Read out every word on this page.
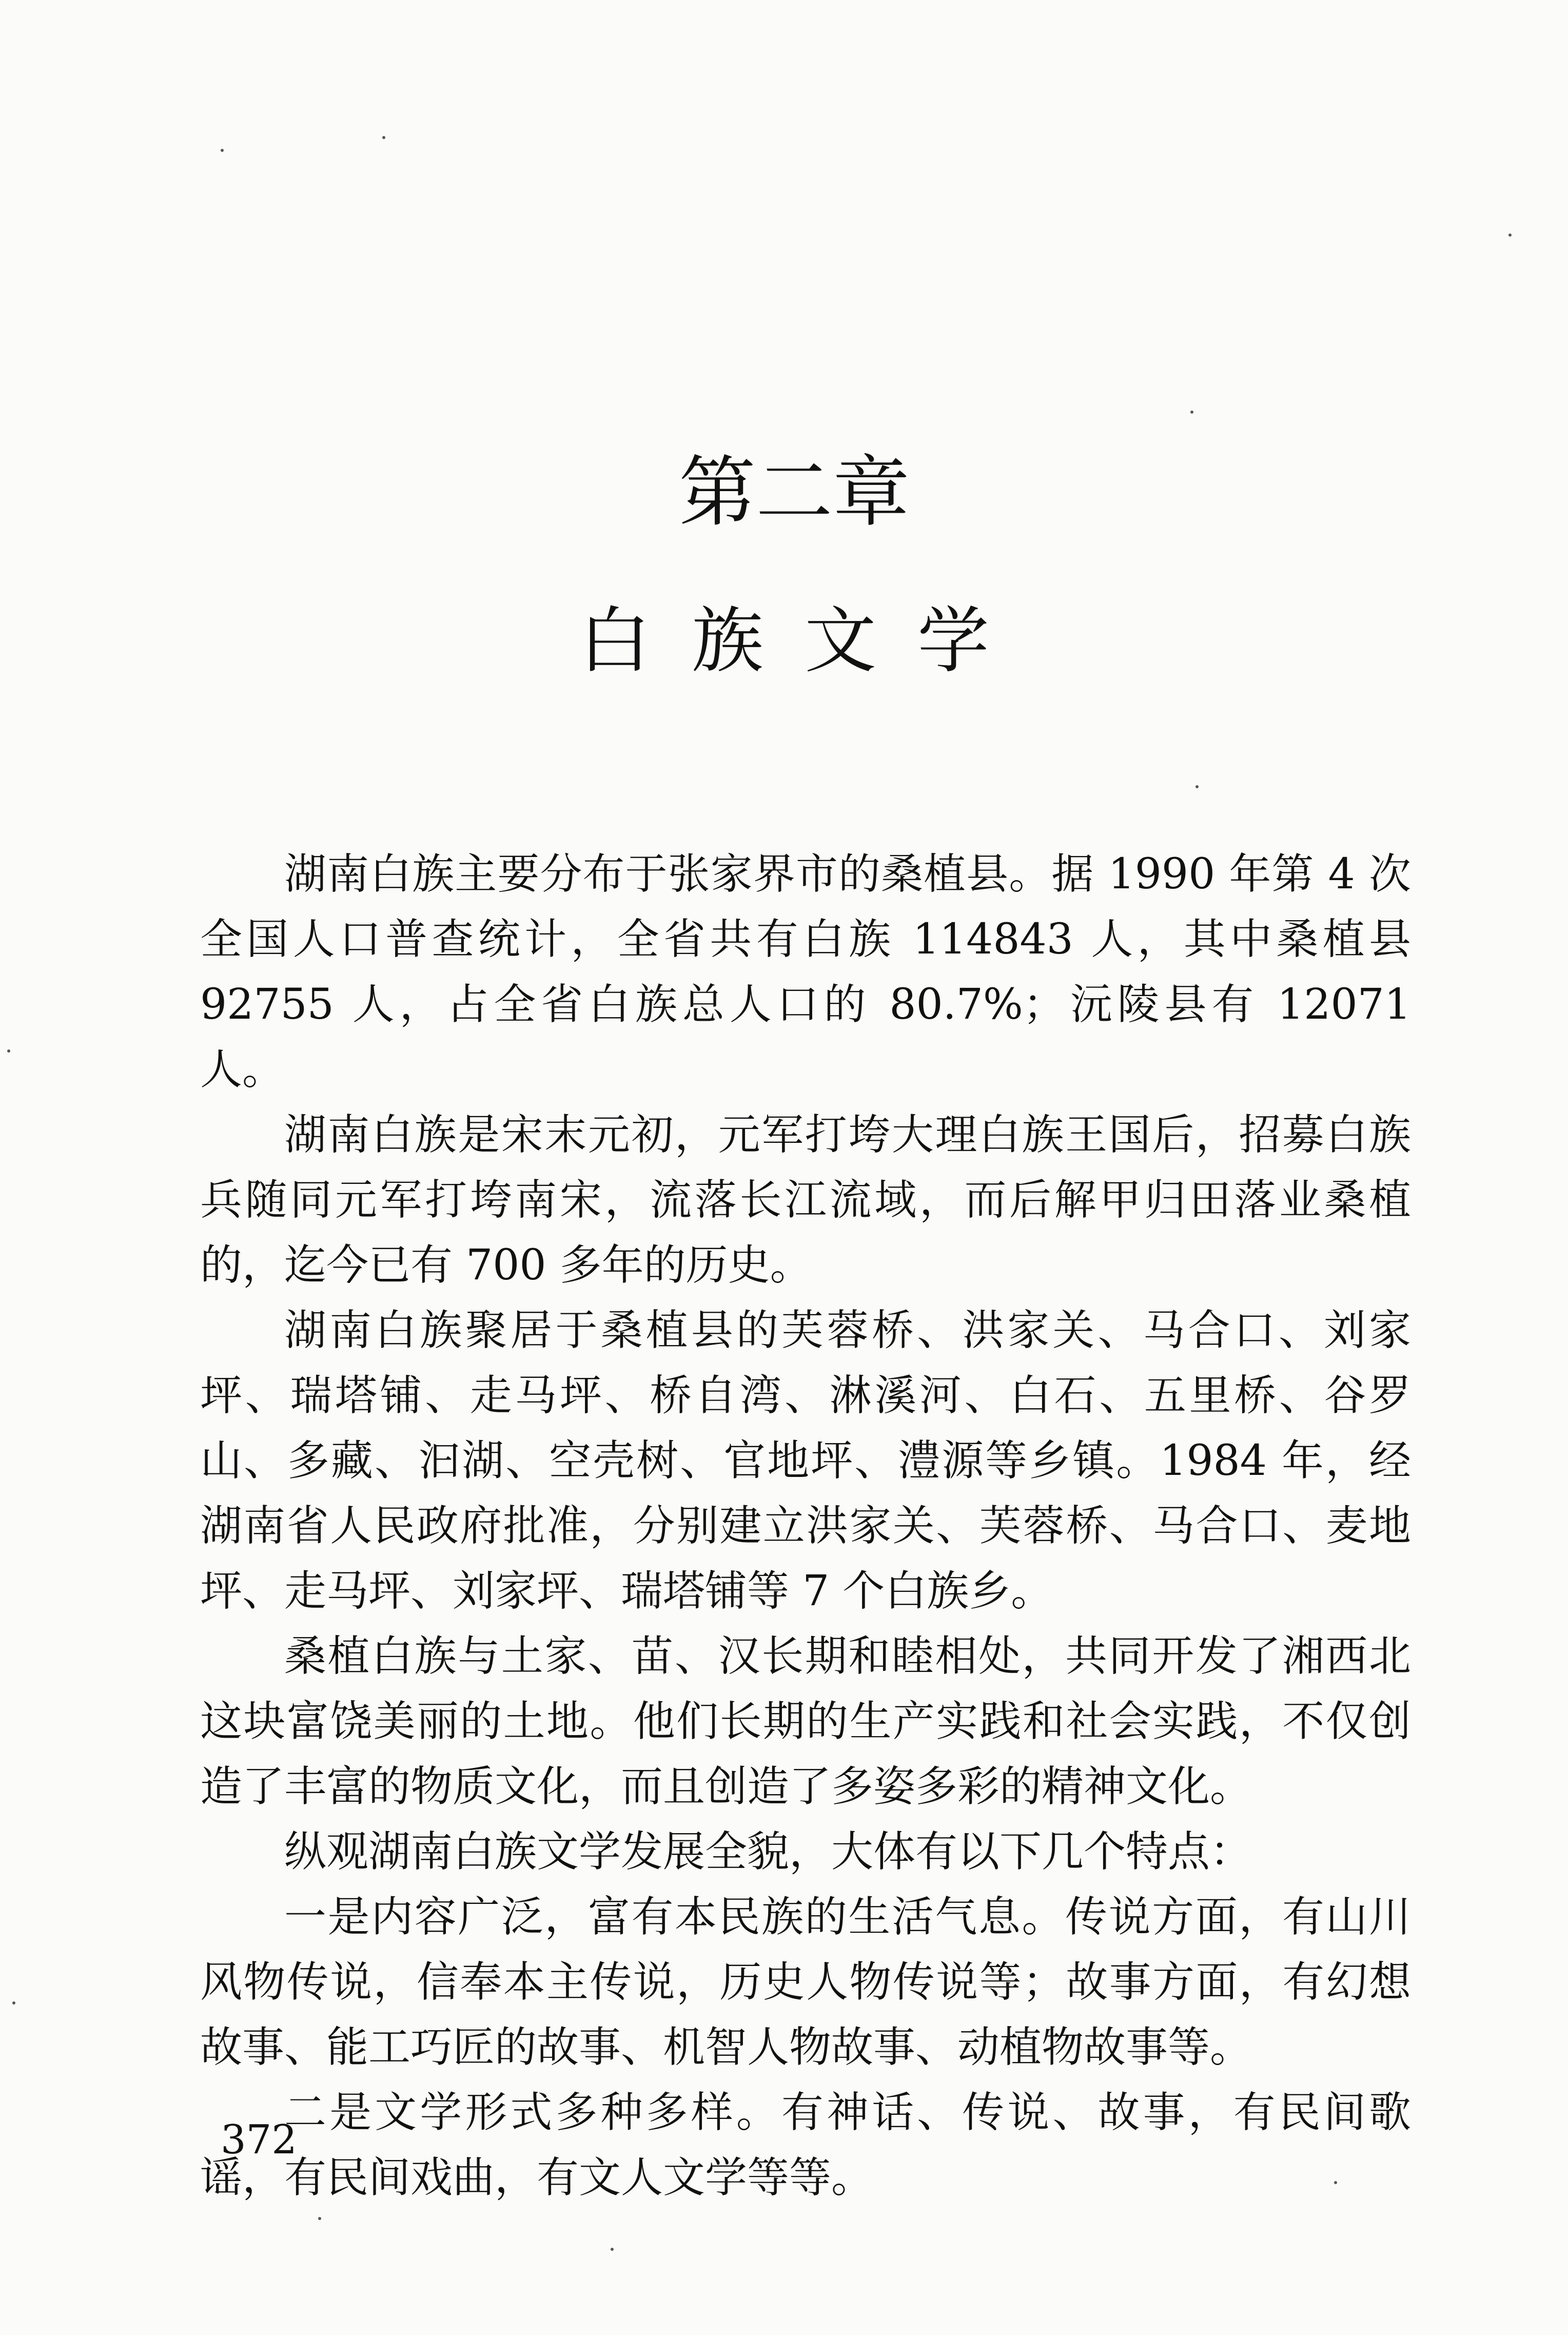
第二章
白族文学

湖南白族主要分布于张家界市的桑植县。据 1990 年第 4 次全国人口普查统计，全省共有白族 114843 人，其中桑植县 92755 人，占全省白族总人口的 80.7%；沅陵县有 12071 人。

湖南白族是宋末元初，元军打垮大理白族王国后，招募白族兵随同元军打垮南宋，流落长江流域，而后解甲归田落业桑植的，迄今已有 700 多年的历史。

湖南白族聚居于桑植县的芙蓉桥、洪家关、马合口、刘家坪、瑞塔铺、走马坪、桥自湾、淋溪河、白石、五里桥、谷罗山、多藏、汩湖、空壳树、官地坪、澧源等乡镇。1984 年，经湖南省人民政府批准，分别建立洪家关、芙蓉桥、马合口、麦地坪、走马坪、刘家坪、瑞塔铺等 7 个白族乡。

桑植白族与土家、苗、汉长期和睦相处，共同开发了湘西北这块富饶美丽的土地。他们长期的生产实践和社会实践，不仅创造了丰富的物质文化，而且创造了多姿多彩的精神文化。

纵观湖南白族文学发展全貌，大体有以下几个特点：

一是内容广泛，富有本民族的生活气息。传说方面，有山川风物传说，信奉本主传说，历史人物传说等；故事方面，有幻想故事、能工巧匠的故事、机智人物故事、动植物故事等。

二是文学形式多种多样。有神话、传说、故事，有民间歌谣，有民间戏曲，有文人文学等等。

372
